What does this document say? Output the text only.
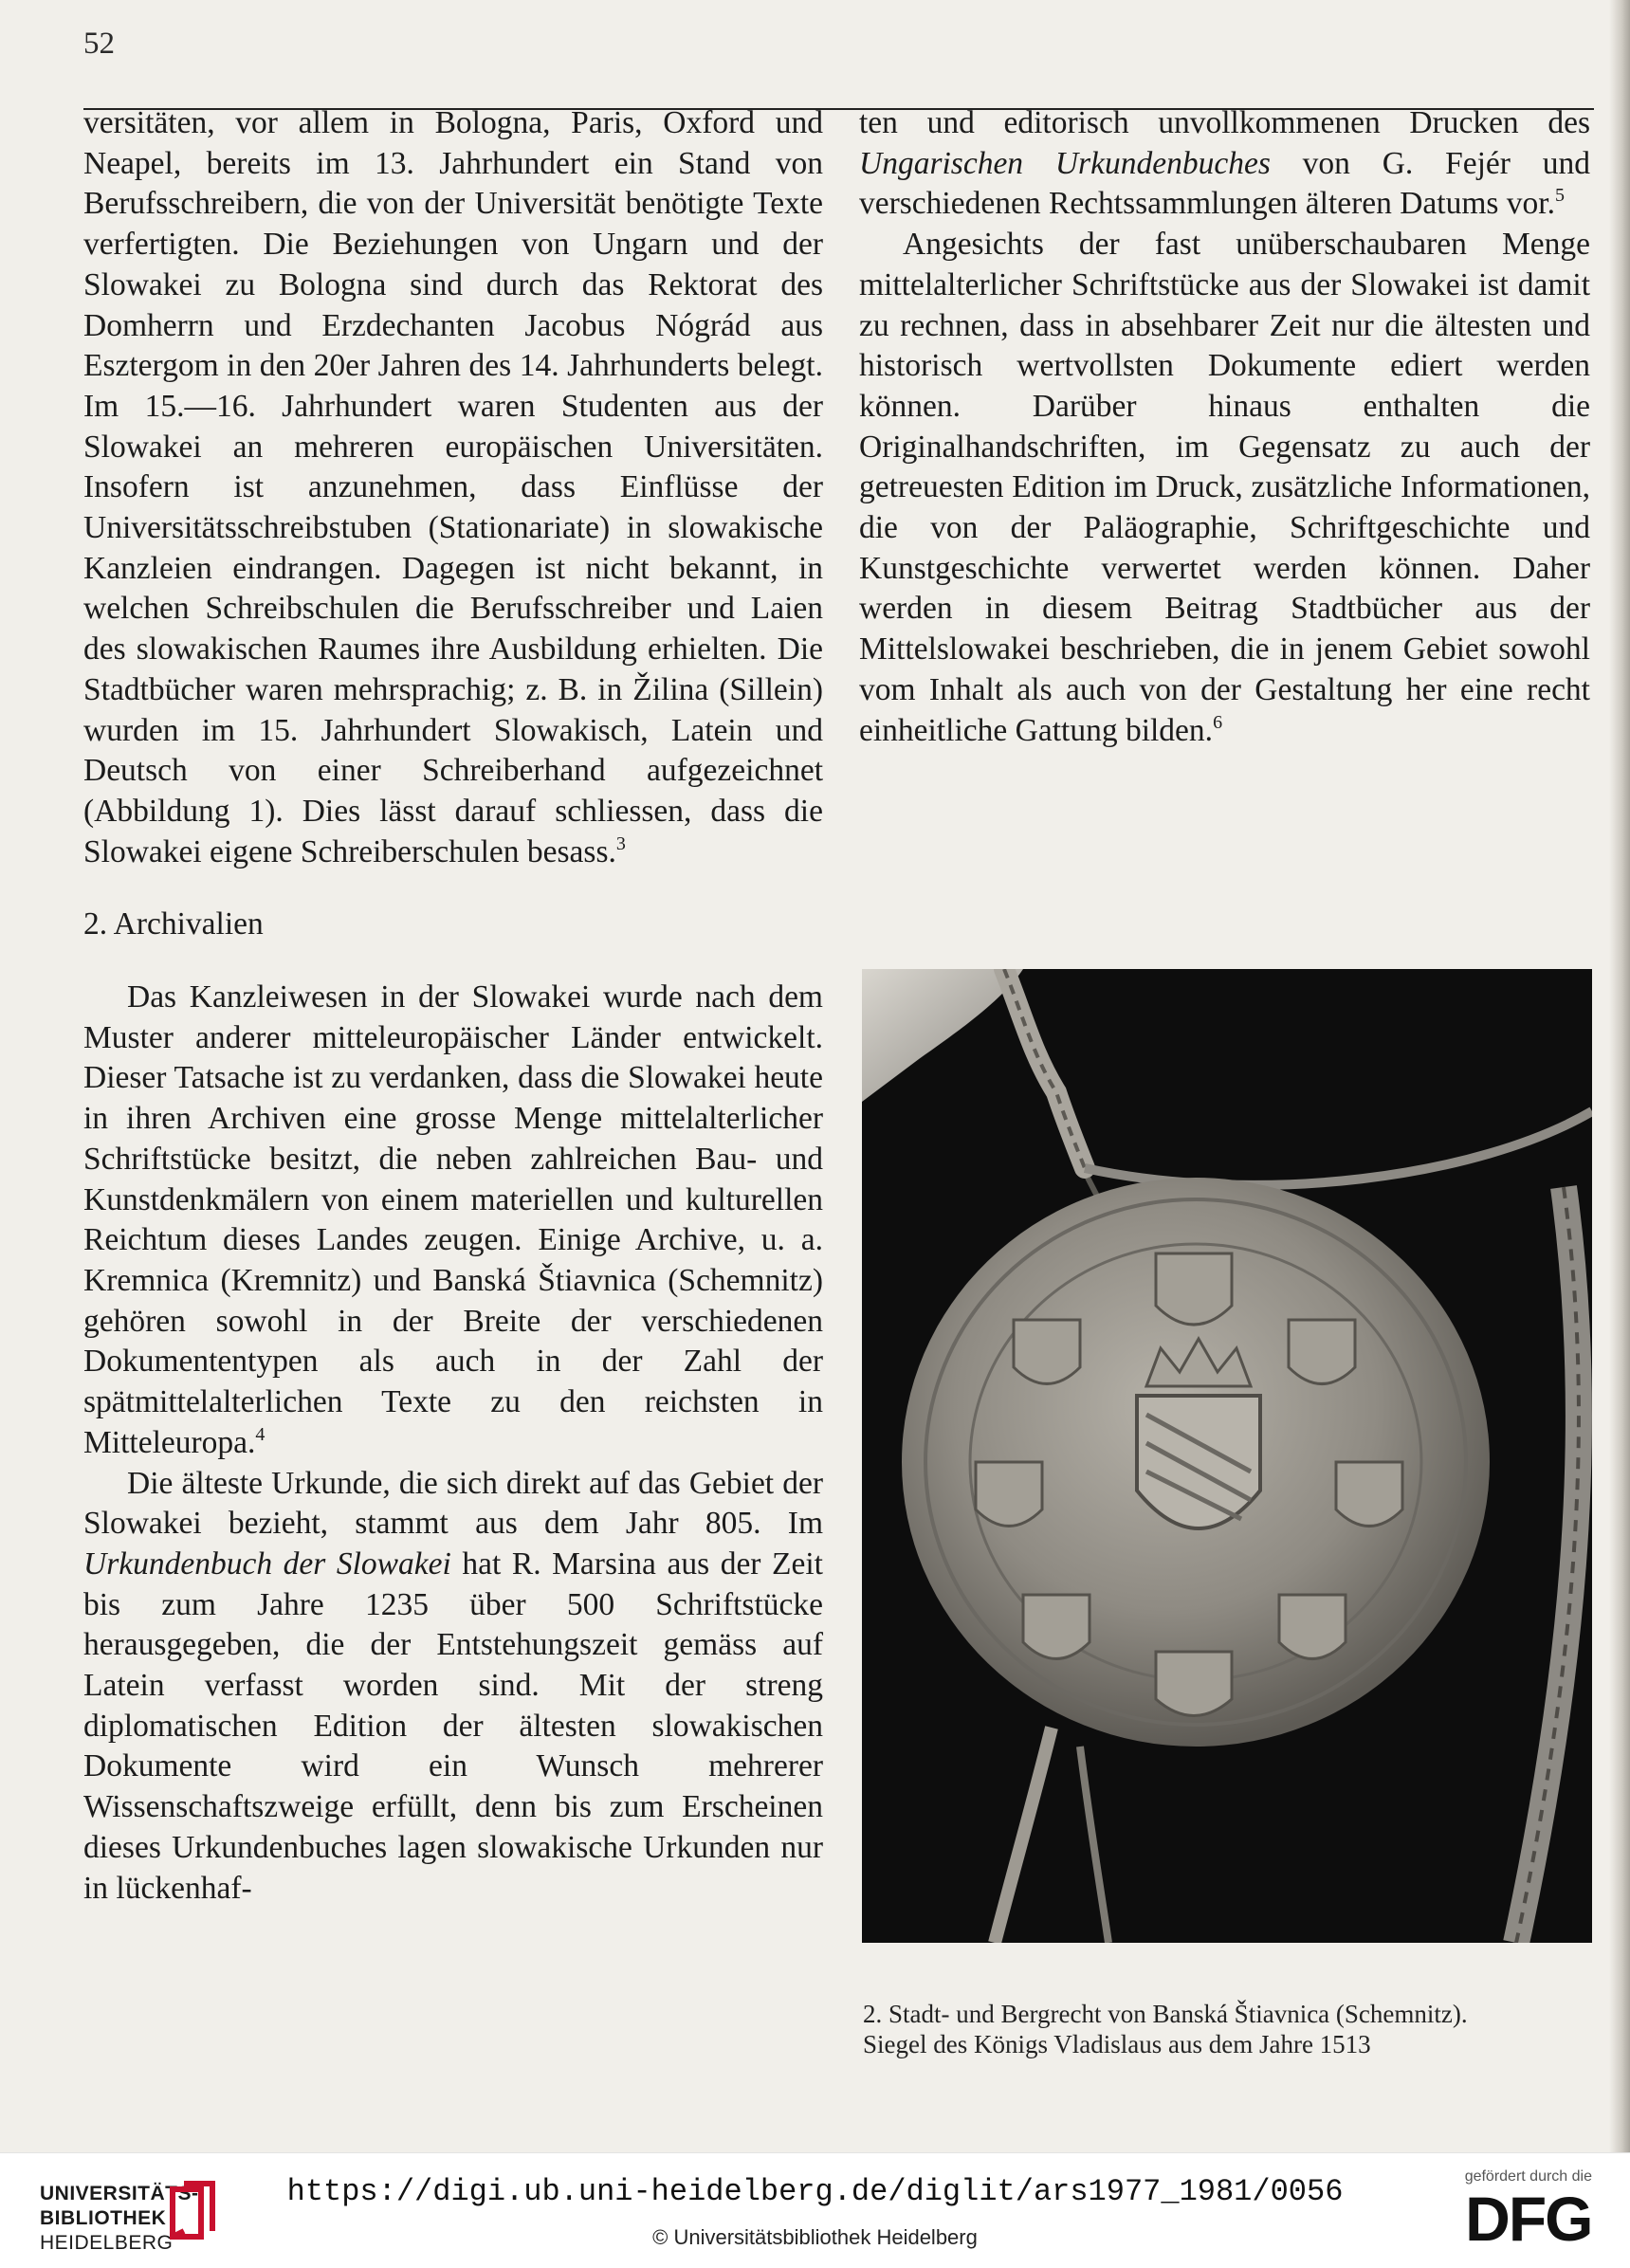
52

versitäten, vor allem in Bologna, Paris, Oxford und Neapel, bereits im 13. Jahrhundert ein Stand von Berufsschreibern, die von der Universität benötigte Texte verfertigten. Die Beziehungen von Ungarn und der Slowakei zu Bologna sind durch das Rektorat des Domherrn und Erzdechanten Jacobus Nógrád aus Esztergom in den 20er Jahren des 14. Jahrhunderts belegt. Im 15.—16. Jahrhundert waren Studenten aus der Slowakei an mehreren europäischen Universitäten. Insofern ist anzunehmen, dass Einflüsse der Universitätsschreibstuben (Stationariate) in slowakische Kanzleien eindrangen. Dagegen ist nicht bekannt, in welchen Schreibschulen die Berufsschreiber und Laien des slowakischen Raumes ihre Ausbildung erhielten. Die Stadtbücher waren mehrsprachig; z. B. in Žilina (Sillein) wurden im 15. Jahrhundert Slowakisch, Latein und Deutsch von einer Schreiberhand aufgezeichnet (Abbildung 1). Dies lässt darauf schliessen, dass die Slowakei eigene Schreiberschulen besass.$^3$

2. Archivalien

Das Kanzleiwesen in der Slowakei wurde nach dem Muster anderer mitteleuropäischer Länder entwickelt. Dieser Tatsache ist zu verdanken, dass die Slowakei heute in ihren Archiven eine grosse Menge mittelalterlicher Schriftstücke besitzt, die neben zahlreichen Bau- und Kunstdenkmälern von einem materiellen und kulturellen Reichtum dieses Landes zeugen. Einige Archive, u. a. Kremnica (Kremnitz) und Banská Štiavnica (Schemnitz) gehören sowohl in der Breite der verschiedenen Dokumententypen als auch in der Zahl der spätmittelalterlichen Texte zu den reichsten in Mitteleuropa.$^4$

Die älteste Urkunde, die sich direkt auf das Gebiet der Slowakei bezieht, stammt aus dem Jahr 805. Im Urkundenbuch der Slowakei hat R. Marsina aus der Zeit bis zum Jahre 1235 über 500 Schriftstücke herausgegeben, die der Entstehungszeit gemäss auf Latein verfasst worden sind. Mit der streng diplomatischen Edition der ältesten slowakischen Dokumente wird ein Wunsch mehrerer Wissenschaftszweige erfüllt, denn bis zum Erscheinen dieses Urkundenbuches lagen slowakische Urkunden nur in lückenhaf-

ten und editorisch unvollkommenen Drucken des Ungarischen Urkundenbuches von G. Fejér und verschiedenen Rechtssammlungen älteren Datums vor.$^5$

Angesichts der fast unüberschaubaren Menge mittelalterlicher Schriftstücke aus der Slowakei ist damit zu rechnen, dass in absehbarer Zeit nur die ältesten und historisch wertvollsten Dokumente ediert werden können. Darüber hinaus enthalten die Originalhandschriften, im Gegensatz zu auch der getreuesten Edition im Druck, zusätzliche Informationen, die von der Paläographie, Schriftgeschichte und Kunstgeschichte verwertet werden können. Daher werden in diesem Beitrag Stadtbücher aus der Mittelslowakei beschrieben, die in jenem Gebiet sowohl vom Inhalt als auch von der Gestaltung her eine recht einheitliche Gattung bilden.$^6$

2. Stadt- und Bergrecht von Banská Štiavnica (Schemnitz).
Siegel des Königs Vladislaus aus dem Jahre 1513
UNIVERSITÄTS-
BIBLIOTHEK
HEIDELBERG
https://digi.ub.uni-heidelberg.de/diglit/ars1977_1981/0056
© Universitätsbibliothek Heidelberg
gefördert durch die
DFG
